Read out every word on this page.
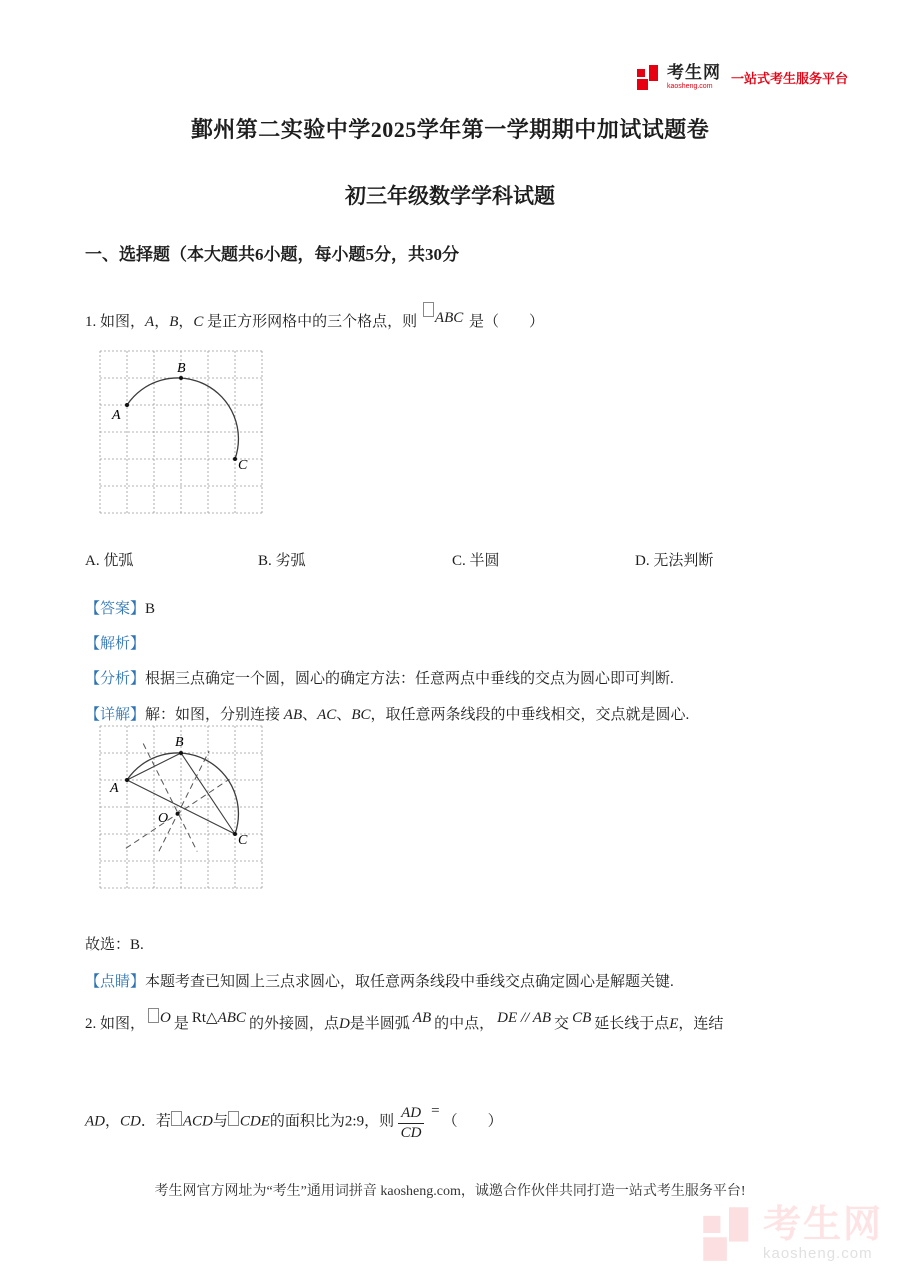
考生网
kaosheng.com
一站式考生服务平台
鄞州第二实验中学2025学年第一学期期中加试试题卷
初三年级数学学科试题
一、选择题（本大题共6小题，每小题5分，共30分

1. 如图，A，B，C 是正方形网格中的三个格点，则 ABC 是（　　）

A
B
C
A. 优弧	B. 劣弧	C. 半圆	D. 无法判断

【答案】B

【解析】

【分析】根据三点确定一个圆，圆心的确定方法：任意两点中垂线的交点为圆心即可判断.

【详解】解：如图，分别连接 AB、AC、BC，取任意两条线段的中垂线相交，交点就是圆心.

A
B
C
O

故选：B.

【点睛】本题考查已知圆上三点求圆心，取任意两条线段中垂线交点确定圆心是解题关键.

2. 如图， O 是 Rt△ABC 的外接圆，点D是半圆弧 AB 的中点， DE // AB 交 CB 延长线于点E，连结

AD，CD．若 ACD与 CDE的面积比为2:9，则 $\frac{AD}{CD}$ =（　　）

考生网官方网址为“考生”通用词拼音 kaosheng.com，诚邀合作伙伴共同打造一站式考生服务平台!
考生网
kaosheng.com
